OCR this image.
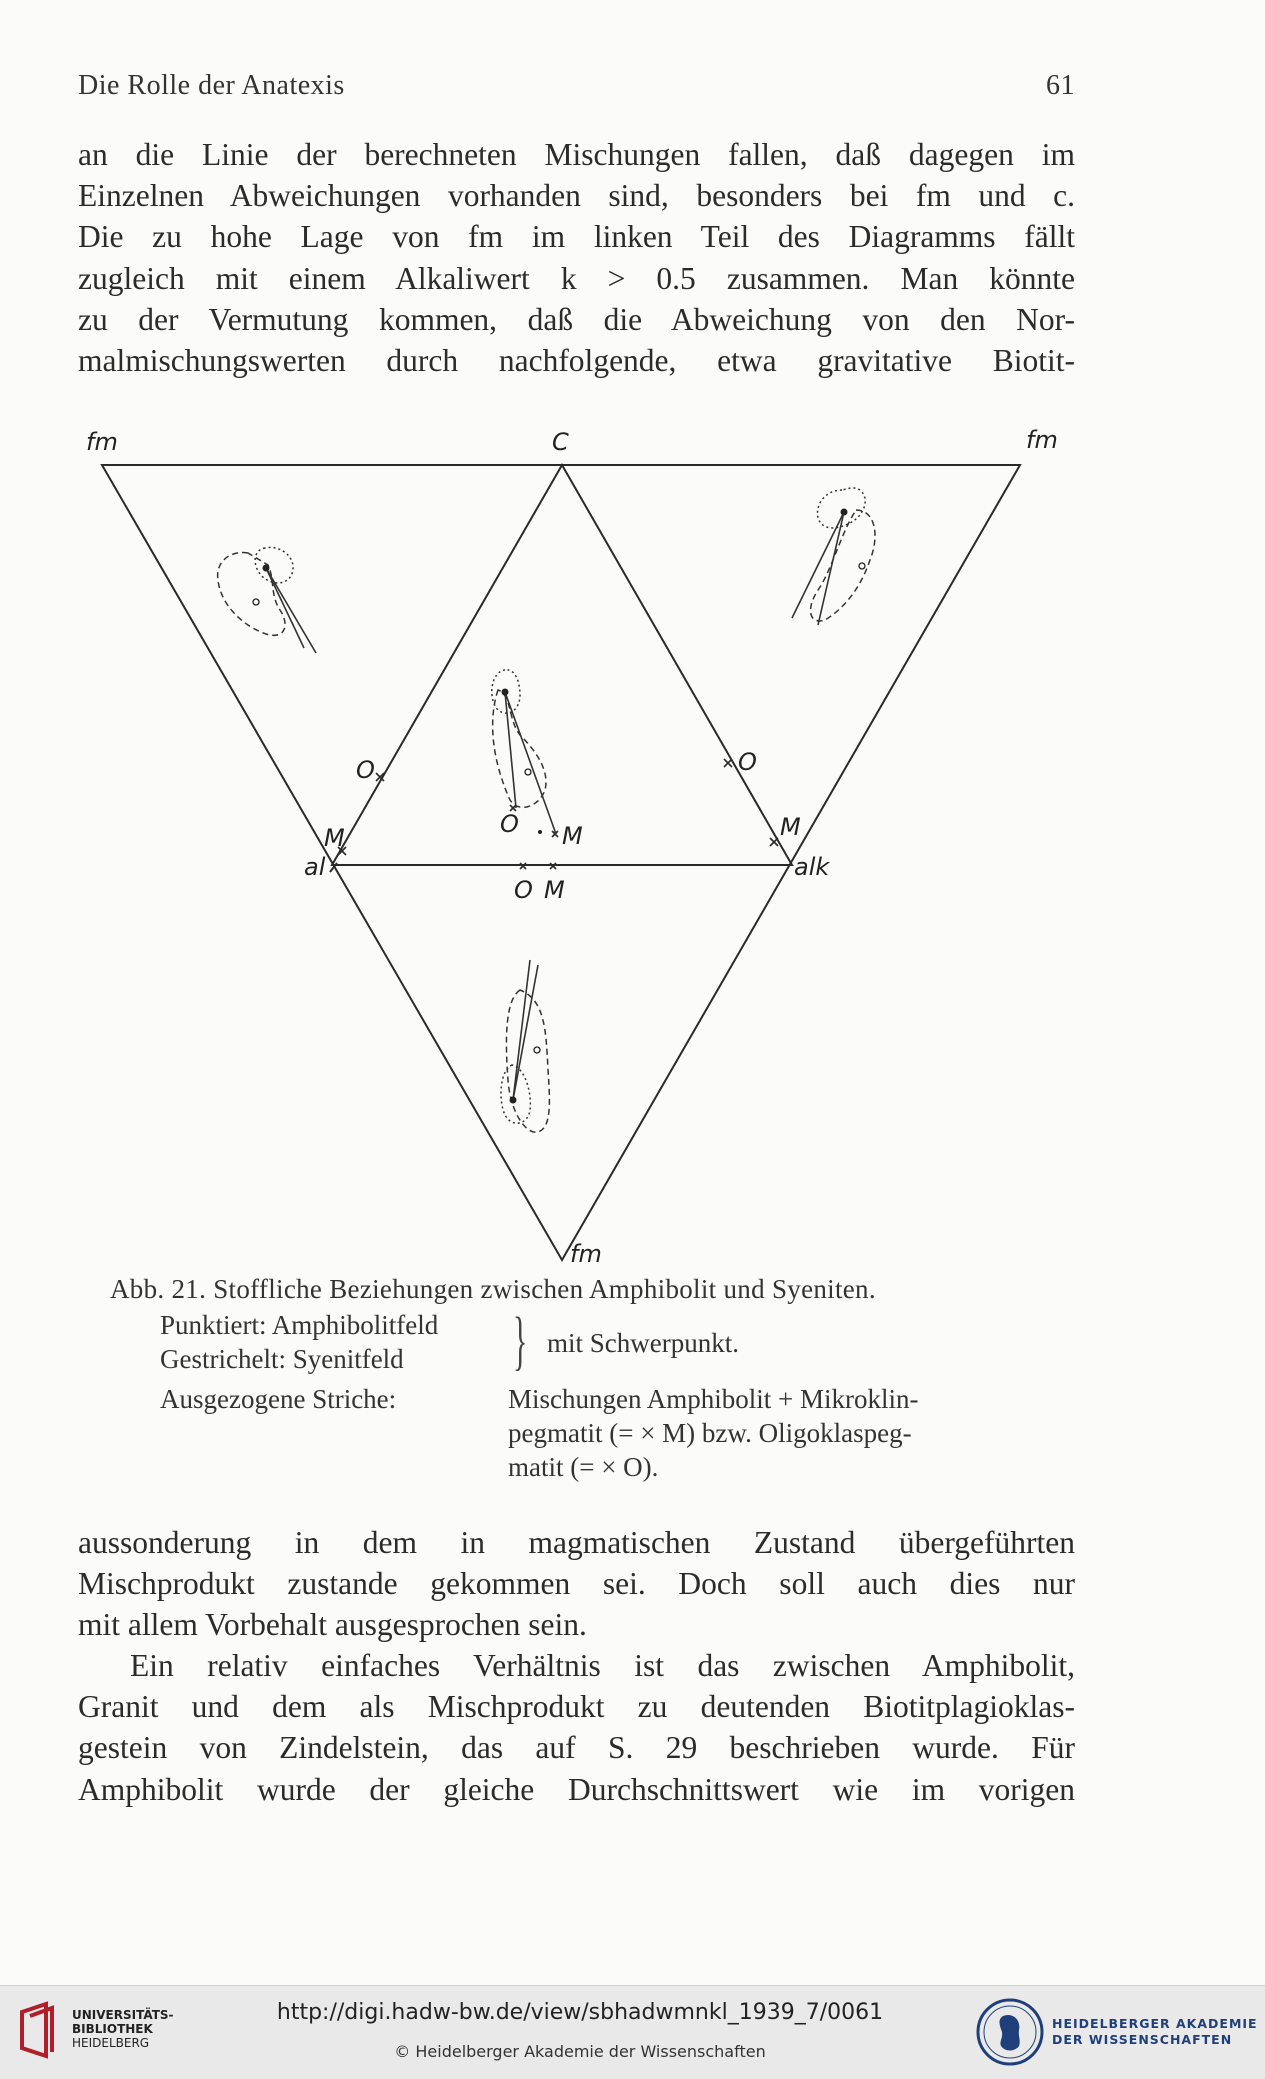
Die Rolle der Anatexis	61

an die Linie der berechneten Mischungen fallen, daß dagegen im
Einzelnen Abweichungen vorhanden sind, besonders bei fm und c.
Die zu hohe Lage von fm im linken Teil des Diagramms fällt
zugleich mit einem Alkaliwert k > 0.5 zusammen. Man könnte
zu der Vermutung kommen, daß die Abweichung von den Nor-
malmischungswerten durch nachfolgende, etwa gravitative Biotit-

fm	C	fm
fm
al	alk
O
M
O
M
O M
O M
Abb. 21. Stoffliche Beziehungen zwischen Amphibolit und Syeniten.
Punktiert: Amphibolitfeld
Gestrichelt: Syenitfeld } mit Schwerpunkt.
Ausgezogene Striche:	Mischungen Amphibolit + Mikroklin-
pegmatit (= × M) bzw. Oligoklaspeg-
matit (= × O).

aussonderung in dem in magmatischen Zustand übergeführten
Mischprodukt zustande gekommen sei. Doch soll auch dies nur
mit allem Vorbehalt ausgesprochen sein.

Ein relativ einfaches Verhältnis ist das zwischen Amphibolit,
Granit und dem als Mischprodukt zu deutenden Biotitplagioklas-
gestein von Zindelstein, das auf S. 29 beschrieben wurde. Für
Amphibolit wurde der gleiche Durchschnittswert wie im vorigen

UNIVERSITÄTS-
BIBLIOTHEK
HEIDELBERG
http://digi.hadw-bw.de/view/sbhadwmnkl_1939_7/0061
© Heidelberger Akademie der Wissenschaften
HEIDELBERGER AKADEMIE
DER WISSENSCHAFTEN
